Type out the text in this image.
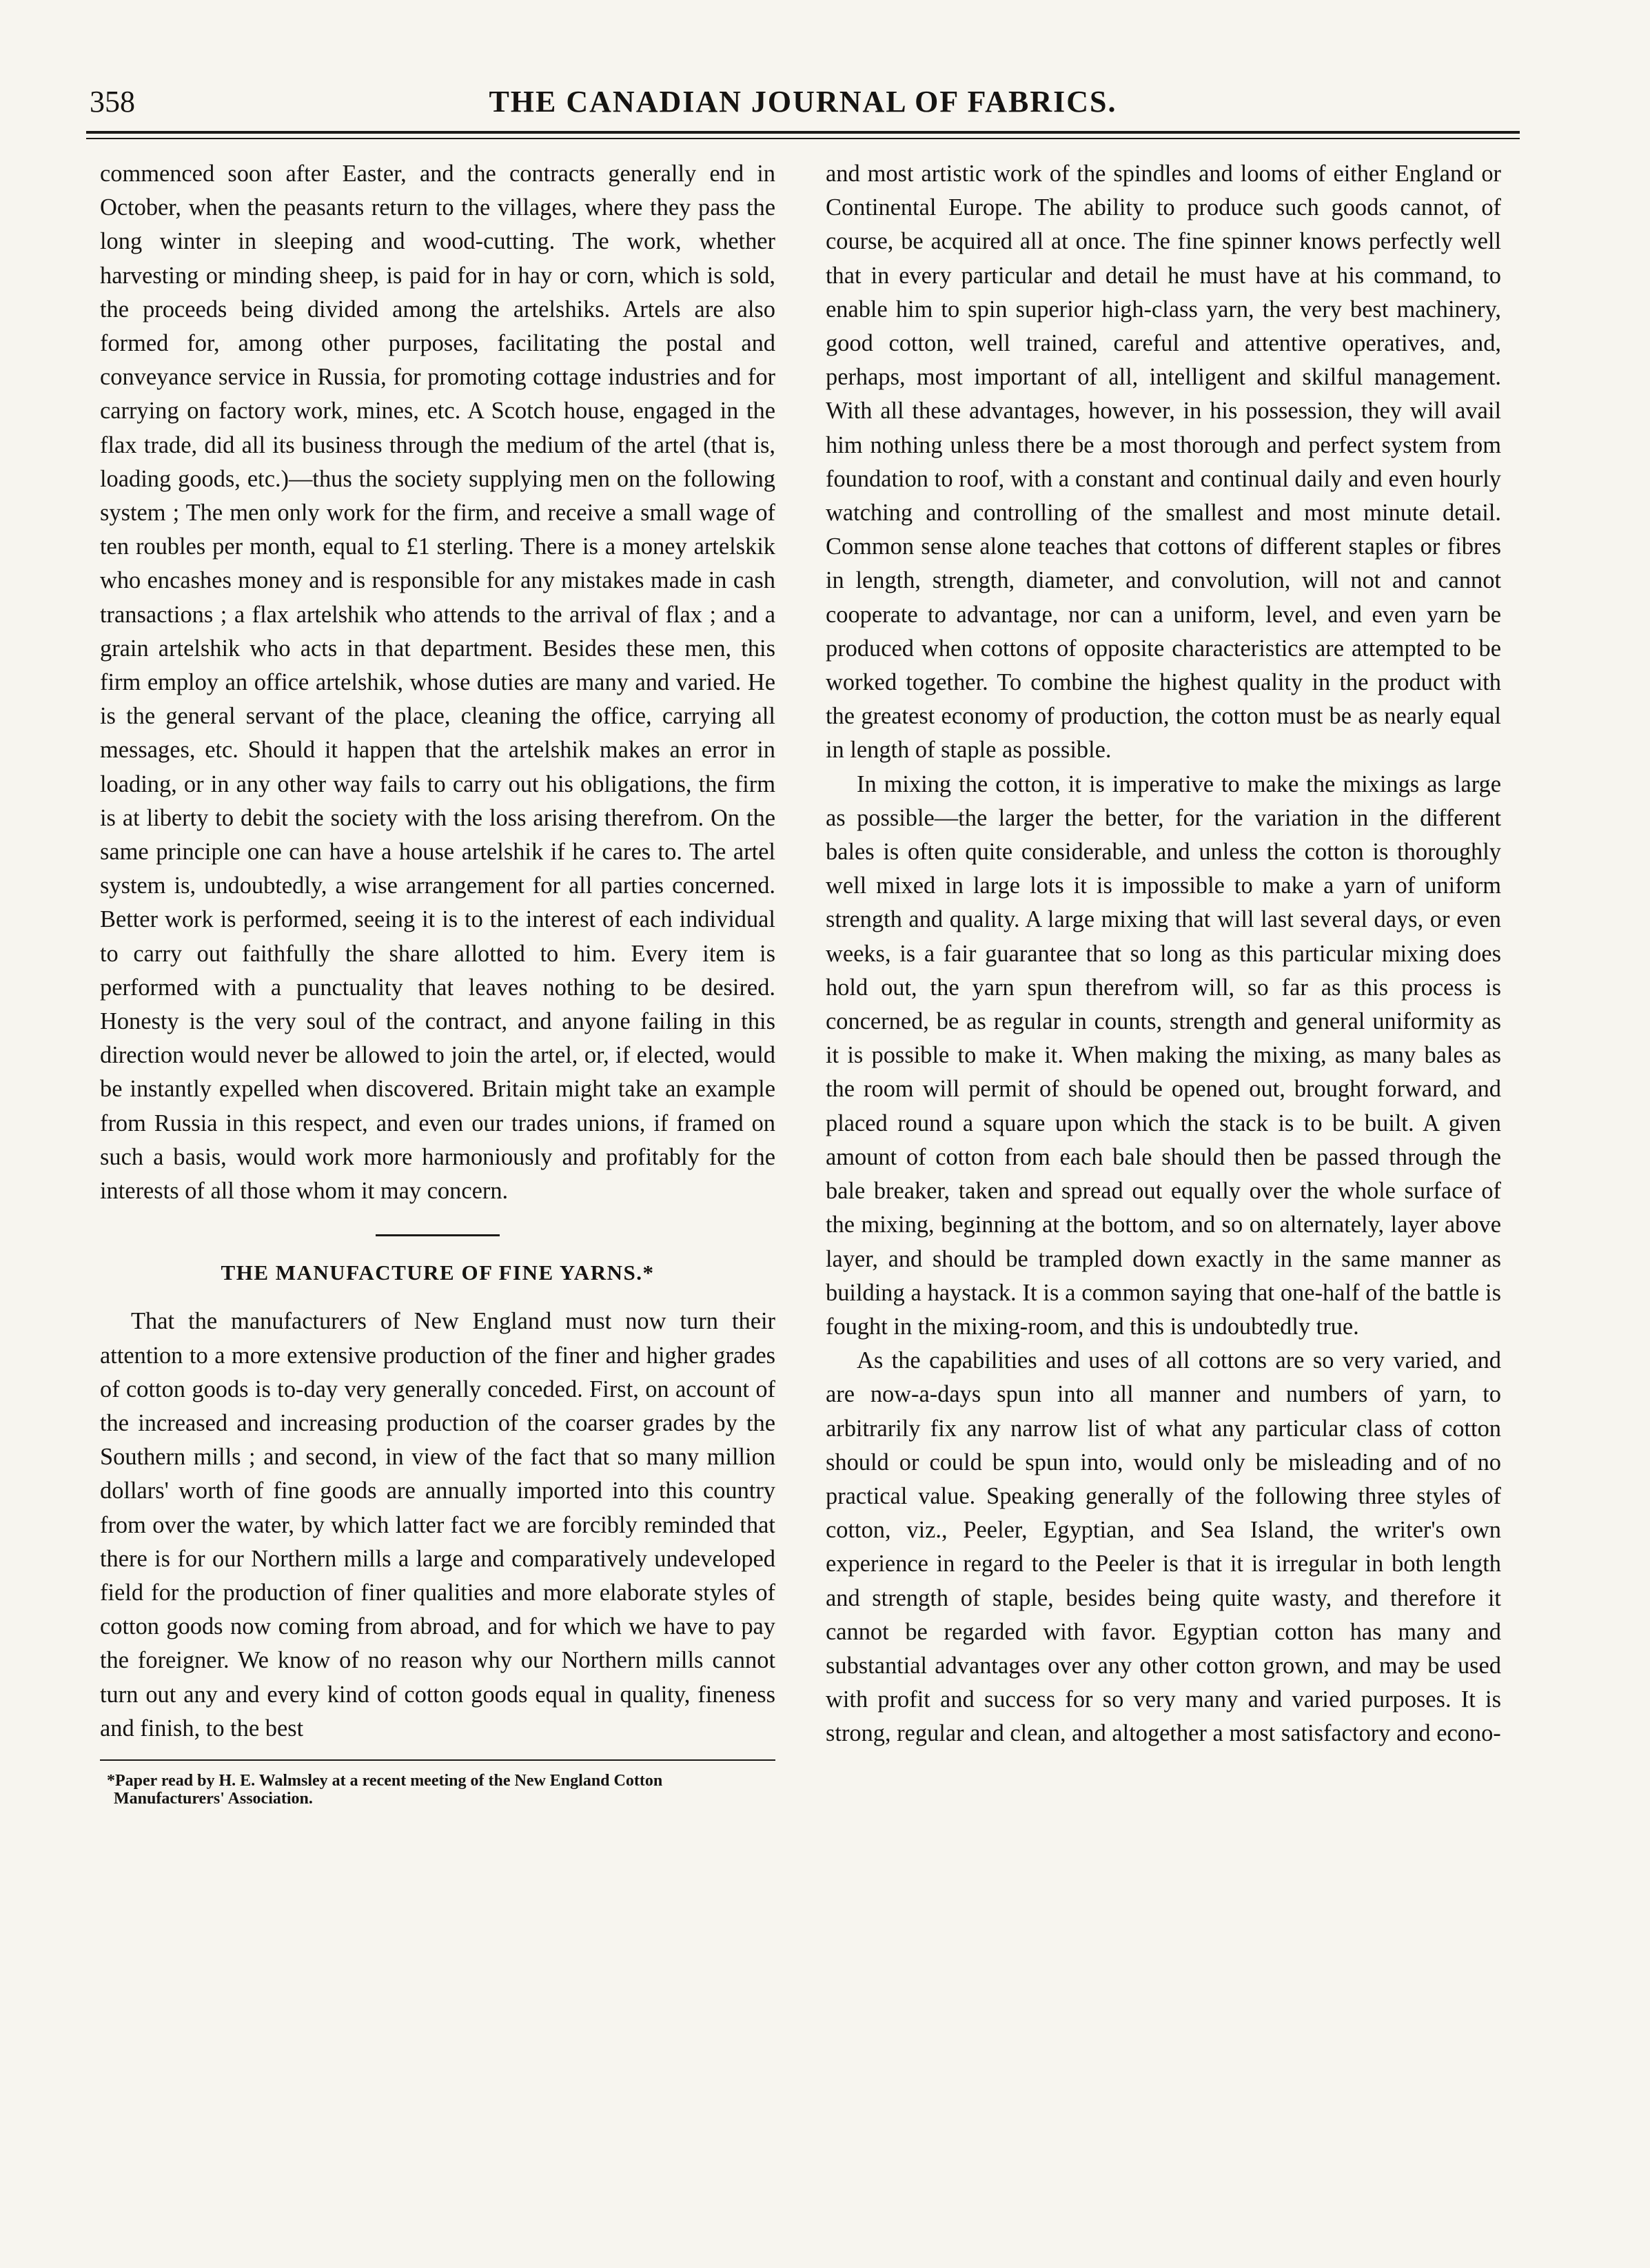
358	THE CANADIAN JOURNAL OF FABRICS.

commenced soon after Easter, and the contracts generally end in October, when the peasants return to the villages, where they pass the long winter in sleeping and wood-cutting. The work, whether harvesting or minding sheep, is paid for in hay or corn, which is sold, the proceeds being divided among the artelshiks. Artels are also formed for, among other purposes, facilitating the postal and conveyance service in Russia, for promoting cottage industries and for carrying on factory work, mines, etc. A Scotch house, engaged in the flax trade, did all its business through the medium of the artel (that is, loading goods, etc.)—thus the society supplying men on the following system ; The men only work for the firm, and receive a small wage of ten roubles per month, equal to £1 sterling. There is a money artelskik who encashes money and is responsible for any mistakes made in cash transactions ; a flax artelshik who attends to the arrival of flax ; and a grain artelshik who acts in that department. Besides these men, this firm employ an office artelshik, whose duties are many and varied. He is the general servant of the place, cleaning the office, carrying all messages, etc. Should it happen that the artelshik makes an error in loading, or in any other way fails to carry out his obligations, the firm is at liberty to debit the society with the loss arising therefrom. On the same principle one can have a house artelshik if he cares to. The artel system is, undoubtedly, a wise arrangement for all parties concerned. Better work is performed, seeing it is to the interest of each individual to carry out faithfully the share allotted to him. Every item is performed with a punctuality that leaves nothing to be desired. Honesty is the very soul of the contract, and anyone failing in this direction would never be allowed to join the artel, or, if elected, would be instantly expelled when discovered. Britain might take an example from Russia in this respect, and even our trades unions, if framed on such a basis, would work more harmoniously and profitably for the interests of all those whom it may concern.

THE MANUFACTURE OF FINE YARNS.*

That the manufacturers of New England must now turn their attention to a more extensive production of the finer and higher grades of cotton goods is to-day very generally conceded. First, on account of the increased and increasing production of the coarser grades by the Southern mills ; and second, in view of the fact that so many million dollars' worth of fine goods are annually imported into this country from over the water, by which latter fact we are forcibly reminded that there is for our Northern mills a large and comparatively undeveloped field for the production of finer qualities and more elaborate styles of cotton goods now coming from abroad, and for which we have to pay the foreigner. We know of no reason why our Northern mills cannot turn out any and every kind of cotton goods equal in quality, fineness and finish, to the best

*Paper read by H. E. Walmsley at a recent meeting of the New England Cotton Manufacturers' Association.

and most artistic work of the spindles and looms of either England or Continental Europe. The ability to produce such goods cannot, of course, be acquired all at once. The fine spinner knows perfectly well that in every particular and detail he must have at his command, to enable him to spin superior high-class yarn, the very best machinery, good cotton, well trained, careful and attentive operatives, and, perhaps, most important of all, intelligent and skilful management. With all these advantages, however, in his possession, they will avail him nothing unless there be a most thorough and perfect system from foundation to roof, with a constant and continual daily and even hourly watching and controlling of the smallest and most minute detail. Common sense alone teaches that cottons of different staples or fibres in length, strength, diameter, and convolution, will not and cannot cooperate to advantage, nor can a uniform, level, and even yarn be produced when cottons of opposite characteristics are attempted to be worked together. To combine the highest quality in the product with the greatest economy of production, the cotton must be as nearly equal in length of staple as possible.

In mixing the cotton, it is imperative to make the mixings as large as possible—the larger the better, for the variation in the different bales is often quite considerable, and unless the cotton is thoroughly well mixed in large lots it is impossible to make a yarn of uniform strength and quality. A large mixing that will last several days, or even weeks, is a fair guarantee that so long as this particular mixing does hold out, the yarn spun therefrom will, so far as this process is concerned, be as regular in counts, strength and general uniformity as it is possible to make it. When making the mixing, as many bales as the room will permit of should be opened out, brought forward, and placed round a square upon which the stack is to be built. A given amount of cotton from each bale should then be passed through the bale breaker, taken and spread out equally over the whole surface of the mixing, beginning at the bottom, and so on alternately, layer above layer, and should be trampled down exactly in the same manner as building a haystack. It is a common saying that one-half of the battle is fought in the mixing-room, and this is undoubtedly true.

As the capabilities and uses of all cottons are so very varied, and are now-a-days spun into all manner and numbers of yarn, to arbitrarily fix any narrow list of what any particular class of cotton should or could be spun into, would only be misleading and of no practical value. Speaking generally of the following three styles of cotton, viz., Peeler, Egyptian, and Sea Island, the writer's own experience in regard to the Peeler is that it is irregular in both length and strength of staple, besides being quite wasty, and therefore it cannot be regarded with favor. Egyptian cotton has many and substantial advantages over any other cotton grown, and may be used with profit and success for so very many and varied purposes. It is strong, regular and clean, and altogether a most satisfactory and econo-
